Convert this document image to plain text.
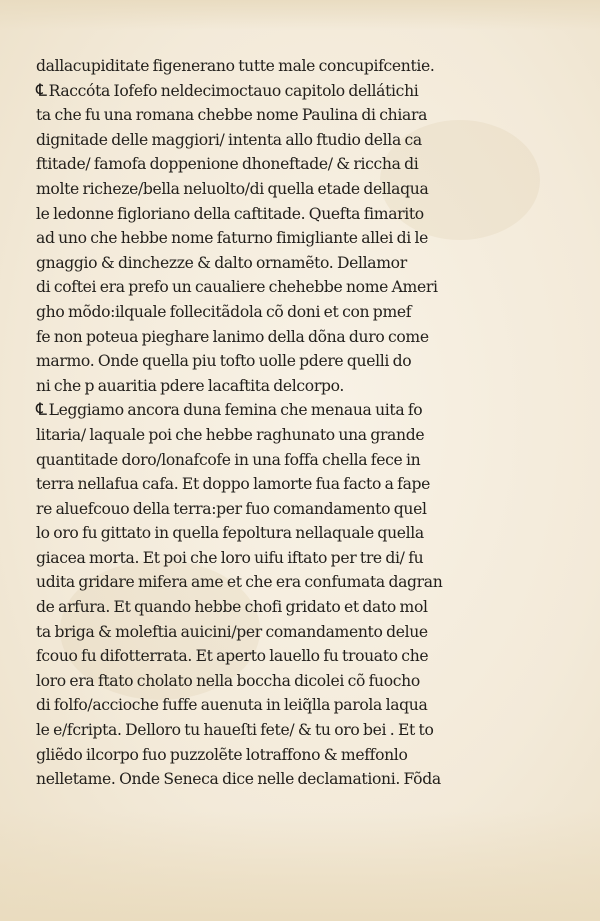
dallacupiditate figenerano tutte male concupifcentie.
℄ Raccóta Iofefo neldecimoctauo capitolo dellátichi
ta che fu una romana chebbe nome Paulina di chiara
dignitade delle maggiori/ intenta allo ftudio della ca
ftitade/ famofa doppenione dhoneftade/ & riccha di
molte richeze/bella neluolto/di quella etade dellaqua
le ledonne figloriano della caftitade. Quefta fimarito
ad uno che hebbe nome faturno fimigliante allei di le
gnaggio & dinchezze & dalto ornamẽto. Dellamor
di coftei era prefo un caualiere chehebbe nome Ameri
gho mõdo:ilquale follecitãdola cõ doni et con pmef
fe non poteua pieghare lanimo della dõna duro come
marmo. Onde quella piu tofto uolle pdere quelli do
ni che p auaritia pdere lacaftita delcorpo.
℄ Leggiamo ancora duna femina che menaua uita fo
litaria/ laquale poi che hebbe raghunato una grande
quantitade doro/lonafcofe in una foffa chella fece in
terra nellafua cafa. Et doppo lamorte fua facto a fape
re aluefcouo della terra:per fuo comandamento quel
lo oro fu gittato in quella fepoltura nellaquale quella
giacea morta. Et poi che loro uifu iftato per tre di/ fu
udita gridare mifera ame et che era confumata dagran
de arfura. Et quando hebbe chofi gridato et dato mol
ta briga & moleftia auicini/per comandamento delue
fcouo fu difotterrata. Et aperto lauello fu trouato che
loro era ftato cholato nella boccha dicolei cõ fuocho
di folfo/accioche fuffe auenuta in leiq̃lla parola laqua
le e/fcripta. Delloro tu haueſti fete/ & tu oro bei . Et to
gliẽdo ilcorpo fuo puzzolẽte lotraffono & meffonlo
nelletame. Onde Seneca dice nelle declamationi. Fõda
